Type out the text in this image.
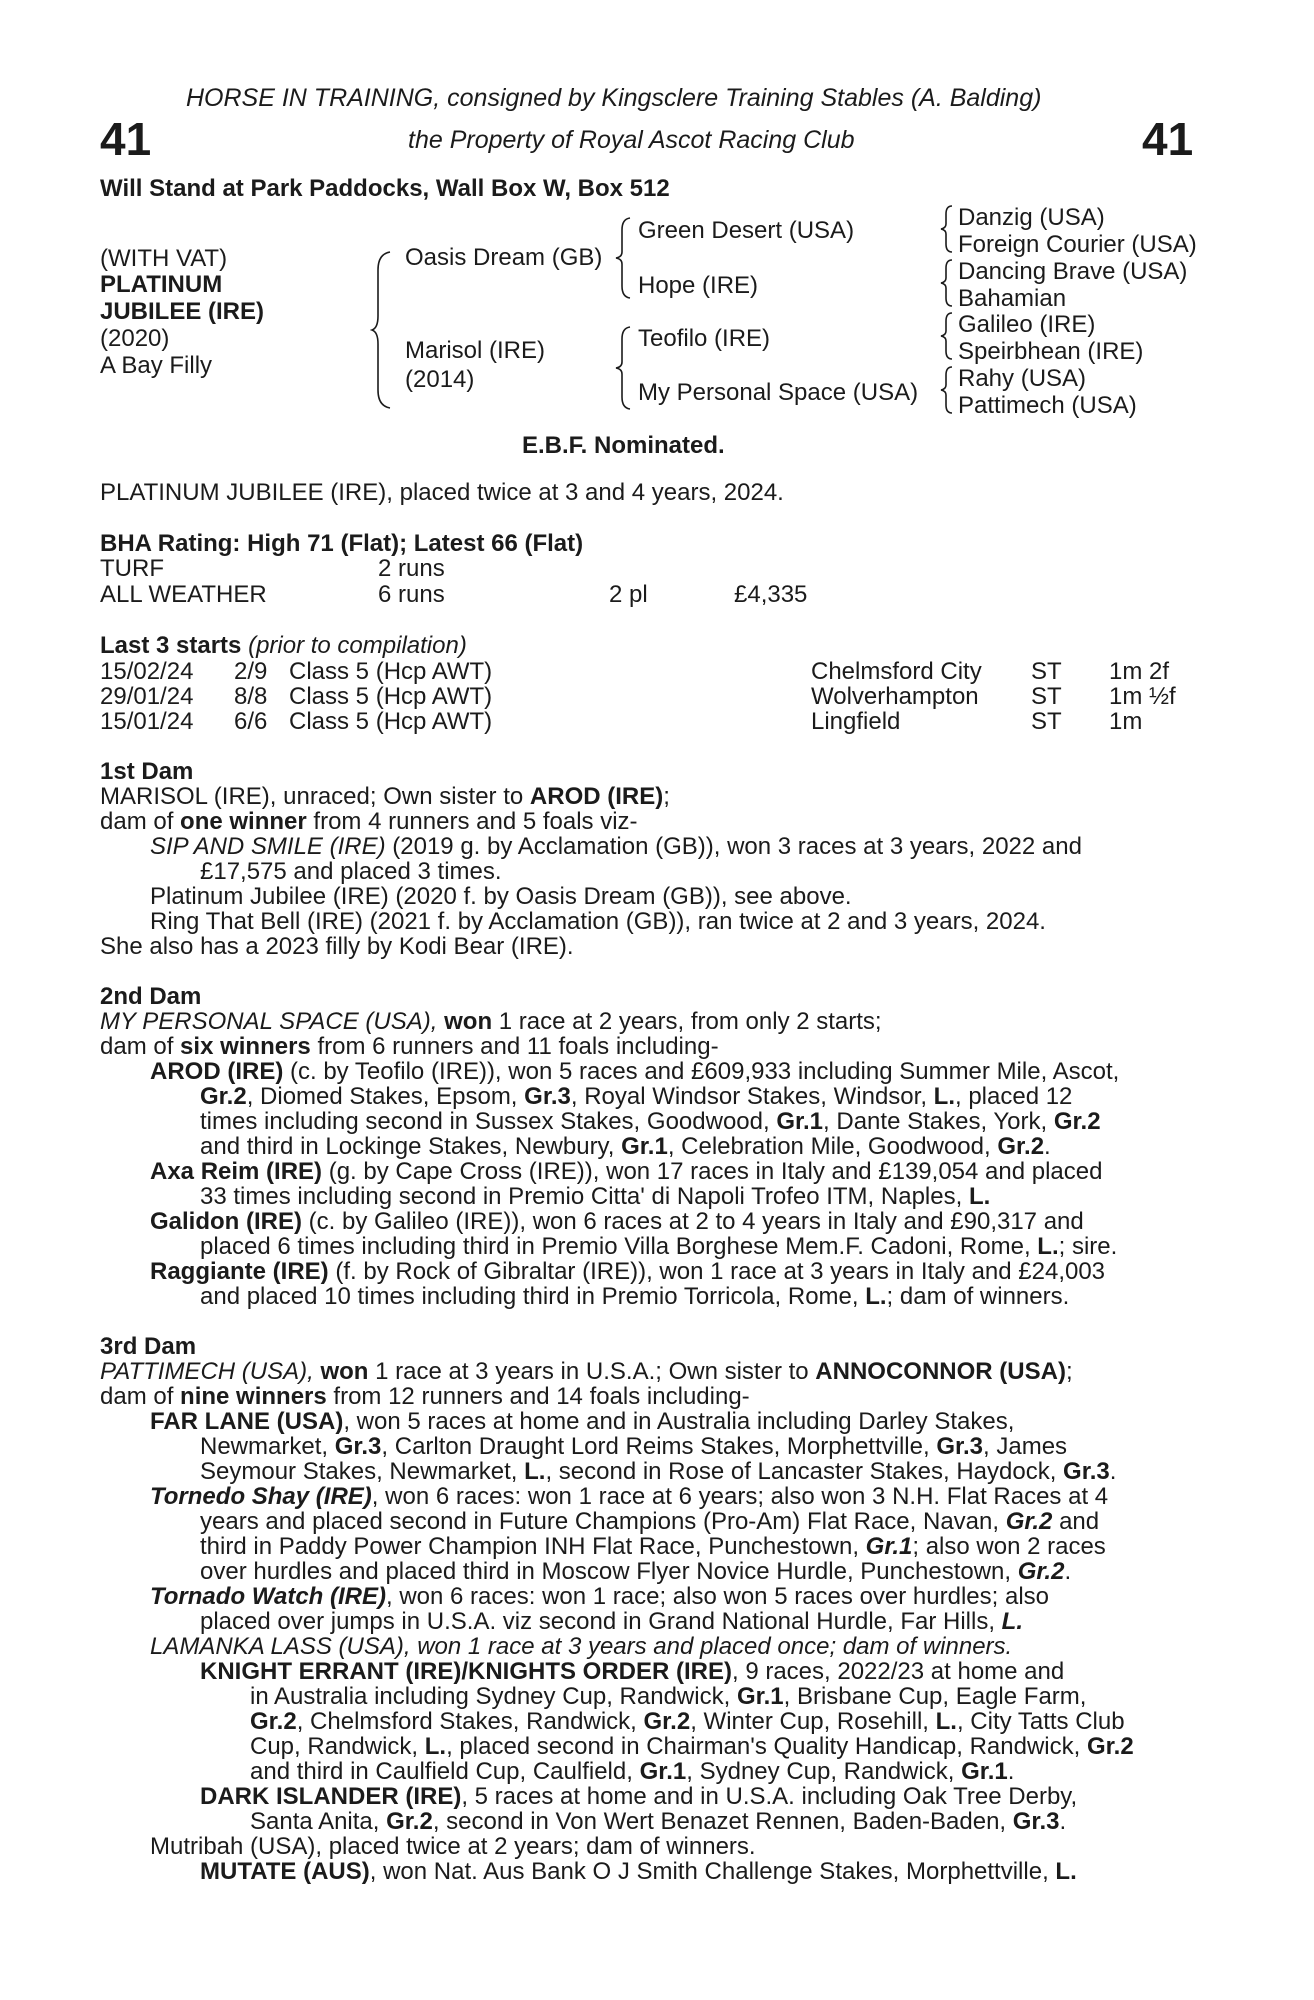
HORSE IN TRAINING, consigned by Kingsclere Training Stables (A. Balding)
the Property of Royal Ascot Racing Club
41	41
Will Stand at Park Paddocks, Wall Box W, Box 512
(WITH VAT)
PLATINUM
JUBILEE (IRE)
(2020)
A Bay Filly
Oasis Dream (GB)
Marisol (IRE)
(2014)
Green Desert (USA)
Hope (IRE)
Teofilo (IRE)
My Personal Space (USA)
Danzig (USA)
Foreign Courier (USA)
Dancing Brave (USA)
Bahamian
Galileo (IRE)
Speirbhean (IRE)
Rahy (USA)
Pattimech (USA)
E.B.F. Nominated.
PLATINUM JUBILEE (IRE), placed twice at 3 and 4 years, 2024.
BHA Rating: High 71 (Flat); Latest 66 (Flat)
TURF	2 runs
ALL WEATHER	6 runs	2 pl	£4,335
Last 3 starts (prior to compilation)
15/02/24 2/9 Class 5 (Hcp AWT)	Chelmsford City ST 1m 2f
29/01/24 8/8 Class 5 (Hcp AWT)	Wolverhampton ST 1m ½f
15/01/24 6/6 Class 5 (Hcp AWT)	Lingfield	ST 1m
1st Dam
MARISOL (IRE), unraced; Own sister to AROD (IRE);
dam of one winner from 4 runners and 5 foals viz-
SIP AND SMILE (IRE) (2019 g. by Acclamation (GB)), won 3 races at 3 years, 2022 and
£17,575 and placed 3 times.
Platinum Jubilee (IRE) (2020 f. by Oasis Dream (GB)), see above.
Ring That Bell (IRE) (2021 f. by Acclamation (GB)), ran twice at 2 and 3 years, 2024.
She also has a 2023 filly by Kodi Bear (IRE).
2nd Dam
MY PERSONAL SPACE (USA), won 1 race at 2 years, from only 2 starts;
dam of six winners from 6 runners and 11 foals including-
AROD (IRE) (c. by Teofilo (IRE)), won 5 races and £609,933 including Summer Mile, Ascot,
Gr.2, Diomed Stakes, Epsom, Gr.3, Royal Windsor Stakes, Windsor, L., placed 12
times including second in Sussex Stakes, Goodwood, Gr.1, Dante Stakes, York, Gr.2
and third in Lockinge Stakes, Newbury, Gr.1, Celebration Mile, Goodwood, Gr.2.
Axa Reim (IRE) (g. by Cape Cross (IRE)), won 17 races in Italy and £139,054 and placed
33 times including second in Premio Citta' di Napoli Trofeo ITM, Naples, L.
Galidon (IRE) (c. by Galileo (IRE)), won 6 races at 2 to 4 years in Italy and £90,317 and
placed 6 times including third in Premio Villa Borghese Mem.F. Cadoni, Rome, L.; sire.
Raggiante (IRE) (f. by Rock of Gibraltar (IRE)), won 1 race at 3 years in Italy and £24,003
and placed 10 times including third in Premio Torricola, Rome, L.; dam of winners.
3rd Dam
PATTIMECH (USA), won 1 race at 3 years in U.S.A.; Own sister to ANNOCONNOR (USA);
dam of nine winners from 12 runners and 14 foals including-
FAR LANE (USA), won 5 races at home and in Australia including Darley Stakes,
Newmarket, Gr.3, Carlton Draught Lord Reims Stakes, Morphettville, Gr.3, James
Seymour Stakes, Newmarket, L., second in Rose of Lancaster Stakes, Haydock, Gr.3.
Tornedo Shay (IRE), won 6 races: won 1 race at 6 years; also won 3 N.H. Flat Races at 4
years and placed second in Future Champions (Pro-Am) Flat Race, Navan, Gr.2 and
third in Paddy Power Champion INH Flat Race, Punchestown, Gr.1; also won 2 races
over hurdles and placed third in Moscow Flyer Novice Hurdle, Punchestown, Gr.2.
Tornado Watch (IRE), won 6 races: won 1 race; also won 5 races over hurdles; also
placed over jumps in U.S.A. viz second in Grand National Hurdle, Far Hills, L.
LAMANKA LASS (USA), won 1 race at 3 years and placed once; dam of winners.
KNIGHT ERRANT (IRE)/KNIGHTS ORDER (IRE), 9 races, 2022/23 at home and
in Australia including Sydney Cup, Randwick, Gr.1, Brisbane Cup, Eagle Farm,
Gr.2, Chelmsford Stakes, Randwick, Gr.2, Winter Cup, Rosehill, L., City Tatts Club
Cup, Randwick, L., placed second in Chairman's Quality Handicap, Randwick, Gr.2
and third in Caulfield Cup, Caulfield, Gr.1, Sydney Cup, Randwick, Gr.1.
DARK ISLANDER (IRE), 5 races at home and in U.S.A. including Oak Tree Derby,
Santa Anita, Gr.2, second in Von Wert Benazet Rennen, Baden-Baden, Gr.3.
Mutribah (USA), placed twice at 2 years; dam of winners.
MUTATE (AUS), won Nat. Aus Bank O J Smith Challenge Stakes, Morphettville, L.
